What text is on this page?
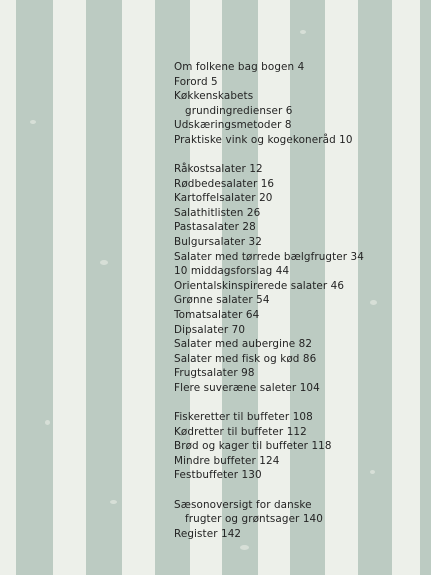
Om folkene bag bogen 4
Forord 5
Køkkenskabets
grundingredienser 6
Udskæringsmetoder 8
Praktiske vink og kogekoneråd 10
Råkostsalater 12
Rødbedesalater 16
Kartoffelsalater 20
Salathitlisten 26
Pastasalater 28
Bulgursalater 32
Salater med tørrede bælgfrugter 34
10 middagsforslag 44
Orientalskinspirerede salater 46
Grønne salater 54
Tomatsalater 64
Dipsalater 70
Salater med aubergine 82
Salater med fisk og kød 86
Frugtsalater 98
Flere suveræne saleter 104
Fiskeretter til buffeter 108
Kødretter til buffeter 112
Brød og kager til buffeter 118
Mindre buffeter 124
Festbuffeter 130
Sæsonoversigt for danske
frugter og grøntsager 140
Register 142
